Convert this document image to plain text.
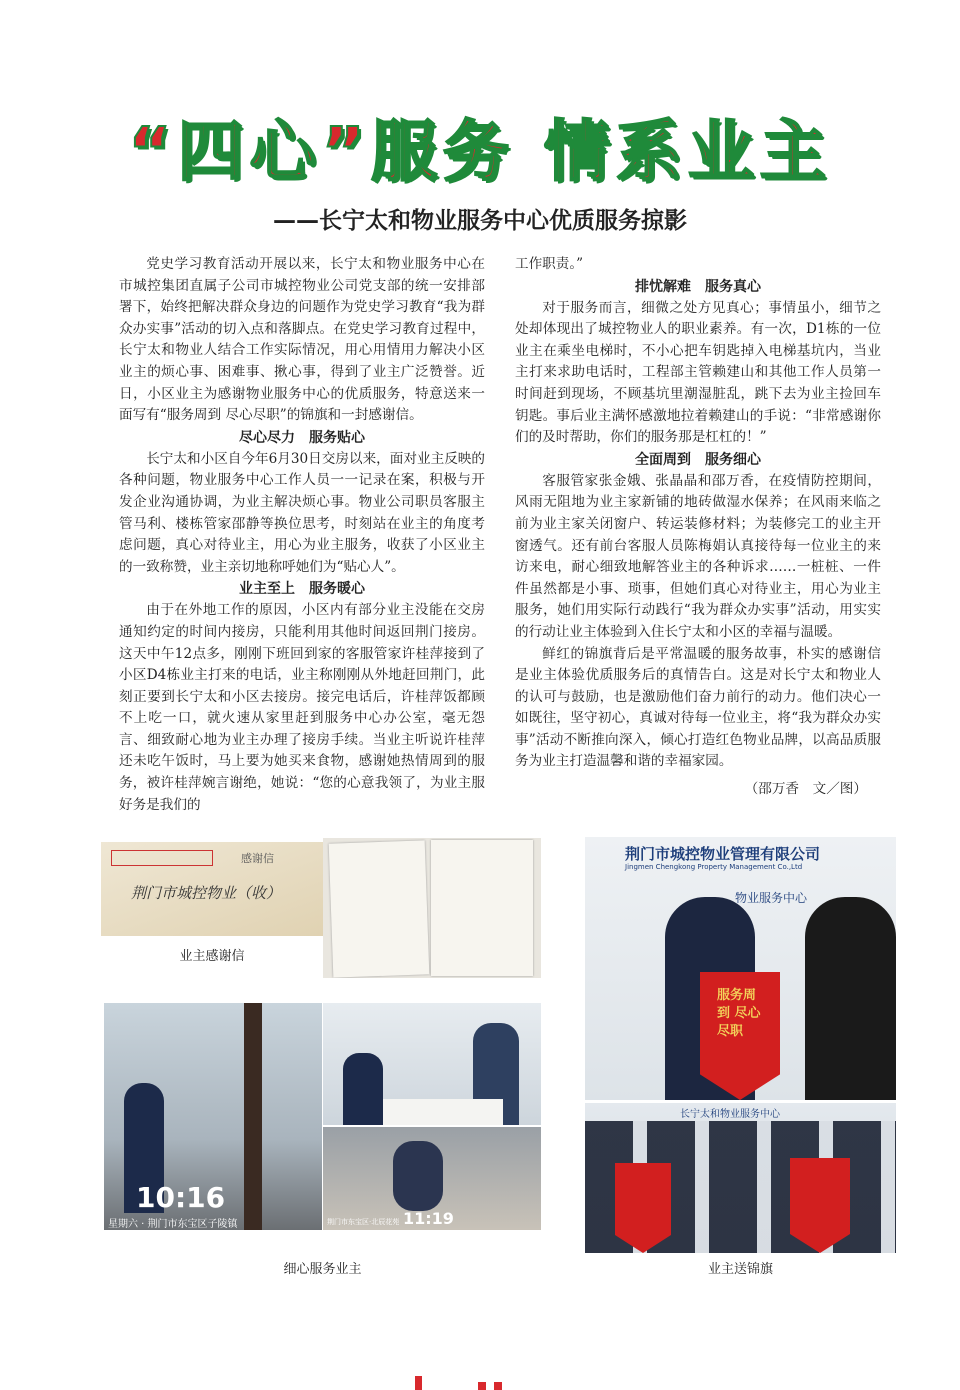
“四心”服务 情系业主
——长宁太和物业服务中心优质服务掠影

党史学习教育活动开展以来，长宁太和物业服务中心在市城控集团直属子公司市城控物业公司党支部的统一安排部署下，始终把解决群众身边的问题作为党史学习教育“我为群众办实事”活动的切入点和落脚点。在党史学习教育过程中，长宁太和物业人结合工作实际情况，用心用情用力解决小区业主的烦心事、困难事、揪心事，得到了业主广泛赞誉。近日，小区业主为感谢物业服务中心的优质服务，特意送来一面写有“服务周到 尽心尽职”的锦旗和一封感谢信。

尽心尽力　服务贴心

长宁太和小区自今年6月30日交房以来，面对业主反映的各种问题，物业服务中心工作人员一一记录在案，积极与开发企业沟通协调，为业主解决烦心事。物业公司职员客服主管马利、楼栋管家邵静等换位思考，时刻站在业主的角度考虑问题，真心对待业主，用心为业主服务，收获了小区业主的一致称赞，业主亲切地称呼她们为“贴心人”。

业主至上　服务暖心

由于在外地工作的原因，小区内有部分业主没能在交房通知约定的时间内接房，只能利用其他时间返回荆门接房。这天中午12点多，刚刚下班回到家的客服管家许桂萍接到了小区D4栋业主打来的电话，业主称刚刚从外地赶回荆门，此刻正要到长宁太和小区去接房。接完电话后，许桂萍饭都顾不上吃一口，就火速从家里赶到服务中心办公室，毫无怨言、细致耐心地为业主办理了接房手续。当业主听说许桂萍还未吃午饭时，马上要为她买来食物，感谢她热情周到的服务，被许桂萍婉言谢绝，她说：“您的心意我领了，为业主服好务是我们的

工作职责。”

排忧解难　服务真心

对于服务而言，细微之处方见真心；事情虽小，细节之处却体现出了城控物业人的职业素养。有一次，D1栋的一位业主在乘坐电梯时，不小心把车钥匙掉入电梯基坑内，当业主打来求助电话时，工程部主管赖建山和其他工作人员第一时间赶到现场，不顾基坑里潮湿脏乱，跳下去为业主捡回车钥匙。事后业主满怀感激地拉着赖建山的手说：“非常感谢你们的及时帮助，你们的服务那是杠杠的！”

全面周到　服务细心

客服管家张金娥、张晶晶和邵万香，在疫情防控期间，风雨无阻地为业主家新铺的地砖做湿水保养；在风雨来临之前为业主家关闭窗户、转运装修材料；为装修完工的业主开窗透气。还有前台客服人员陈梅娟认真接待每一位业主的来访来电，耐心细致地解答业主的各种诉求……一桩桩、一件件虽然都是小事、琐事，但她们真心对待业主，用心为业主服务，她们用实际行动践行“我为群众办实事”活动，用实实的行动让业主体验到入住长宁太和小区的幸福与温暖。

鲜红的锦旗背后是平常温暖的服务故事，朴实的感谢信是业主体验优质服务后的真情告白。这是对长宁太和物业人的认可与鼓励，也是激励他们奋力前行的动力。他们决心一如既往，坚守初心，真诚对待每一位业主，将“我为群众办实事”活动不断推向深入，倾心打造红色物业品牌，以高品质服务为业主打造温馨和谐的幸福家园。

（邵万香　文／图）
感谢信
荆门市城控物业（收）
业主感谢信
10:16
星期六 · 荆门市东宝区子陵镇	11:19
荆门市东宝区·北辰花苑
细心服务业主
荆门市城控物业管理有限公司
Jingmen Chengkong Property Management Co.,Ltd
物业服务中心
服务周到 尽心尽职
长宁太和物业服务中心
业主送锦旗
